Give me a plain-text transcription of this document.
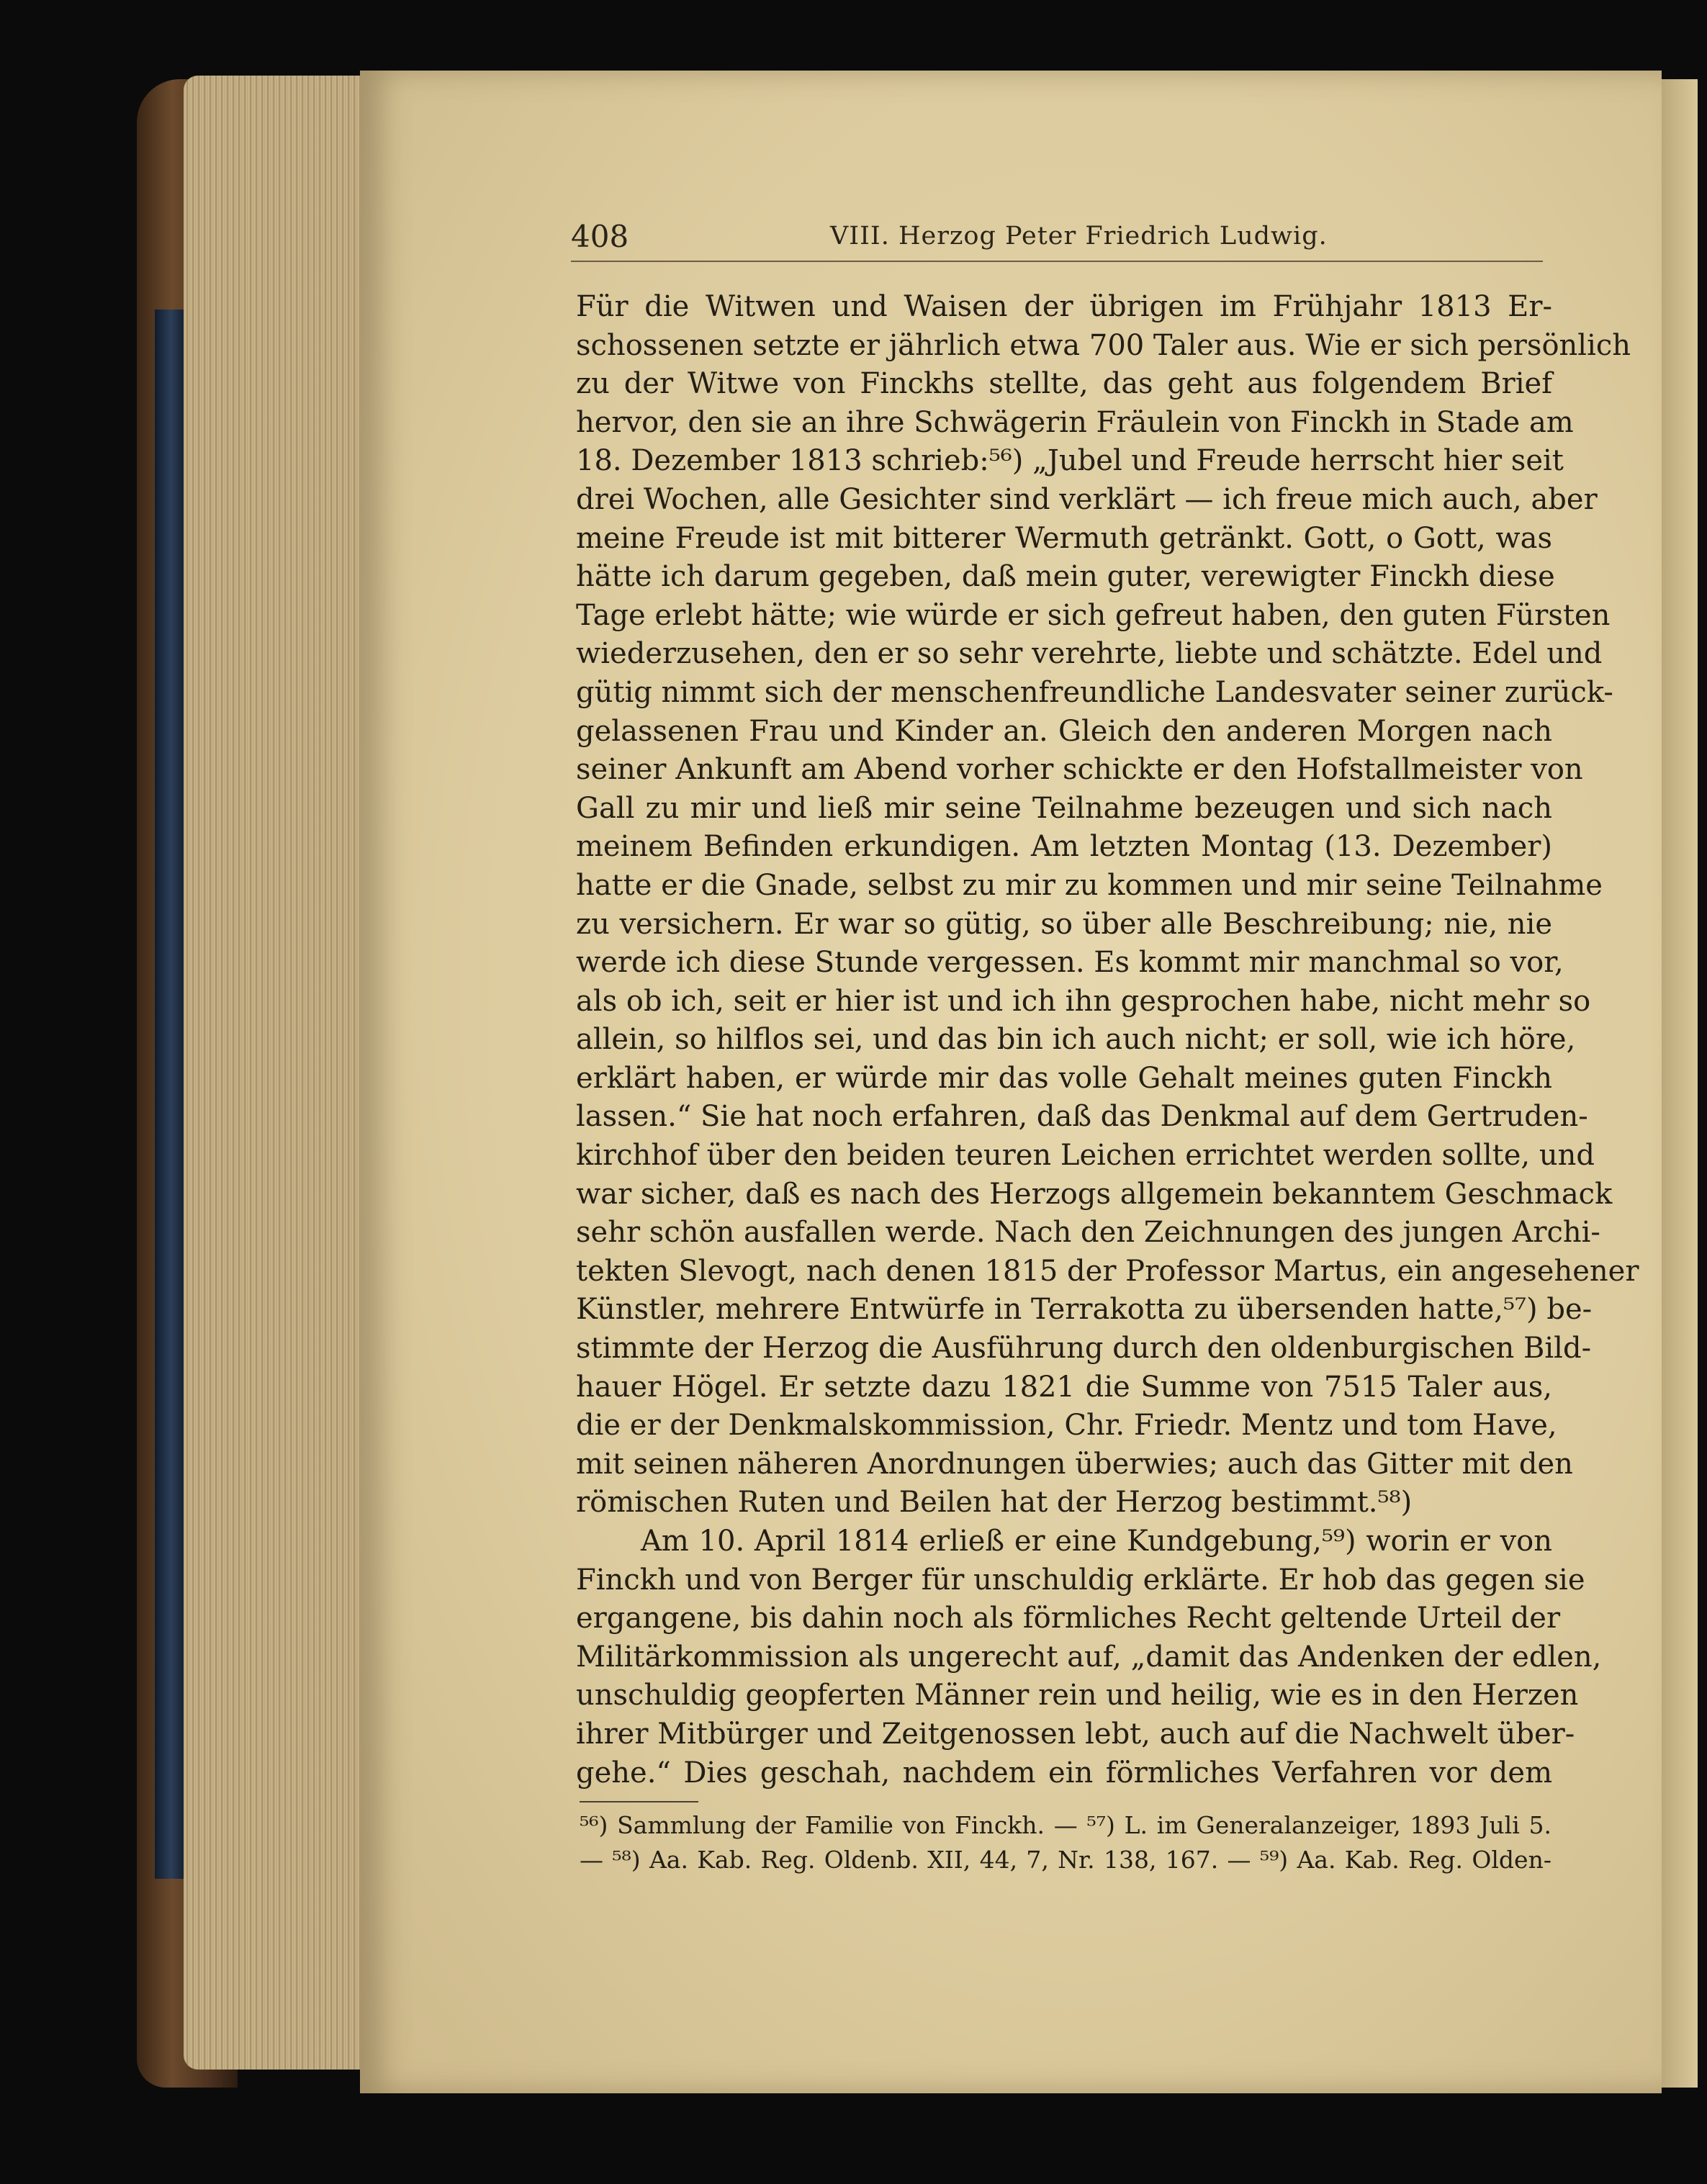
408	VIII. Herzog Peter Friedrich Ludwig.
Für die Witwen und Waisen der übrigen im Frühjahr 1813 Er-
schossenen setzte er jährlich etwa 700 Taler aus. Wie er sich persönlich
zu der Witwe von Finckhs stellte, das geht aus folgendem Brief
hervor, den sie an ihre Schwägerin Fräulein von Finckh in Stade am
18. Dezember 1813 schrieb:⁵⁶) „Jubel und Freude herrscht hier seit
drei Wochen, alle Gesichter sind verklärt — ich freue mich auch, aber
meine Freude ist mit bitterer Wermuth getränkt. Gott, o Gott, was
hätte ich darum gegeben, daß mein guter, verewigter Finckh diese
Tage erlebt hätte; wie würde er sich gefreut haben, den guten Fürsten
wiederzusehen, den er so sehr verehrte, liebte und schätzte. Edel und
gütig nimmt sich der menschenfreundliche Landesvater seiner zurück-
gelassenen Frau und Kinder an. Gleich den anderen Morgen nach
seiner Ankunft am Abend vorher schickte er den Hofstallmeister von
Gall zu mir und ließ mir seine Teilnahme bezeugen und sich nach
meinem Befinden erkundigen. Am letzten Montag (13. Dezember)
hatte er die Gnade, selbst zu mir zu kommen und mir seine Teilnahme
zu versichern. Er war so gütig, so über alle Beschreibung; nie, nie
werde ich diese Stunde vergessen. Es kommt mir manchmal so vor,
als ob ich, seit er hier ist und ich ihn gesprochen habe, nicht mehr so
allein, so hilflos sei, und das bin ich auch nicht; er soll, wie ich höre,
erklärt haben, er würde mir das volle Gehalt meines guten Finckh
lassen.“ Sie hat noch erfahren, daß das Denkmal auf dem Gertruden-
kirchhof über den beiden teuren Leichen errichtet werden sollte, und
war sicher, daß es nach des Herzogs allgemein bekanntem Geschmack
sehr schön ausfallen werde. Nach den Zeichnungen des jungen Archi-
tekten Slevogt, nach denen 1815 der Professor Martus, ein angesehener
Künstler, mehrere Entwürfe in Terrakotta zu übersenden hatte,⁵⁷) be-
stimmte der Herzog die Ausführung durch den oldenburgischen Bild-
hauer Högel. Er setzte dazu 1821 die Summe von 7515 Taler aus,
die er der Denkmalskommission, Chr. Friedr. Mentz und tom Have,
mit seinen näheren Anordnungen überwies; auch das Gitter mit den
römischen Ruten und Beilen hat der Herzog bestimmt.⁵⁸)
Am 10. April 1814 erließ er eine Kundgebung,⁵⁹) worin er von
Finckh und von Berger für unschuldig erklärte. Er hob das gegen sie
ergangene, bis dahin noch als förmliches Recht geltende Urteil der
Militärkommission als ungerecht auf, „damit das Andenken der edlen,
unschuldig geopferten Männer rein und heilig, wie es in den Herzen
ihrer Mitbürger und Zeitgenossen lebt, auch auf die Nachwelt über-
gehe.“ Dies geschah, nachdem ein förmliches Verfahren vor dem
⁵⁶) Sammlung der Familie von Finckh. — ⁵⁷) L. im Generalanzeiger, 1893 Juli 5.
— ⁵⁸) Aa. Kab. Reg. Oldenb. XII, 44, 7, Nr. 138, 167. — ⁵⁹) Aa. Kab. Reg. Olden-
